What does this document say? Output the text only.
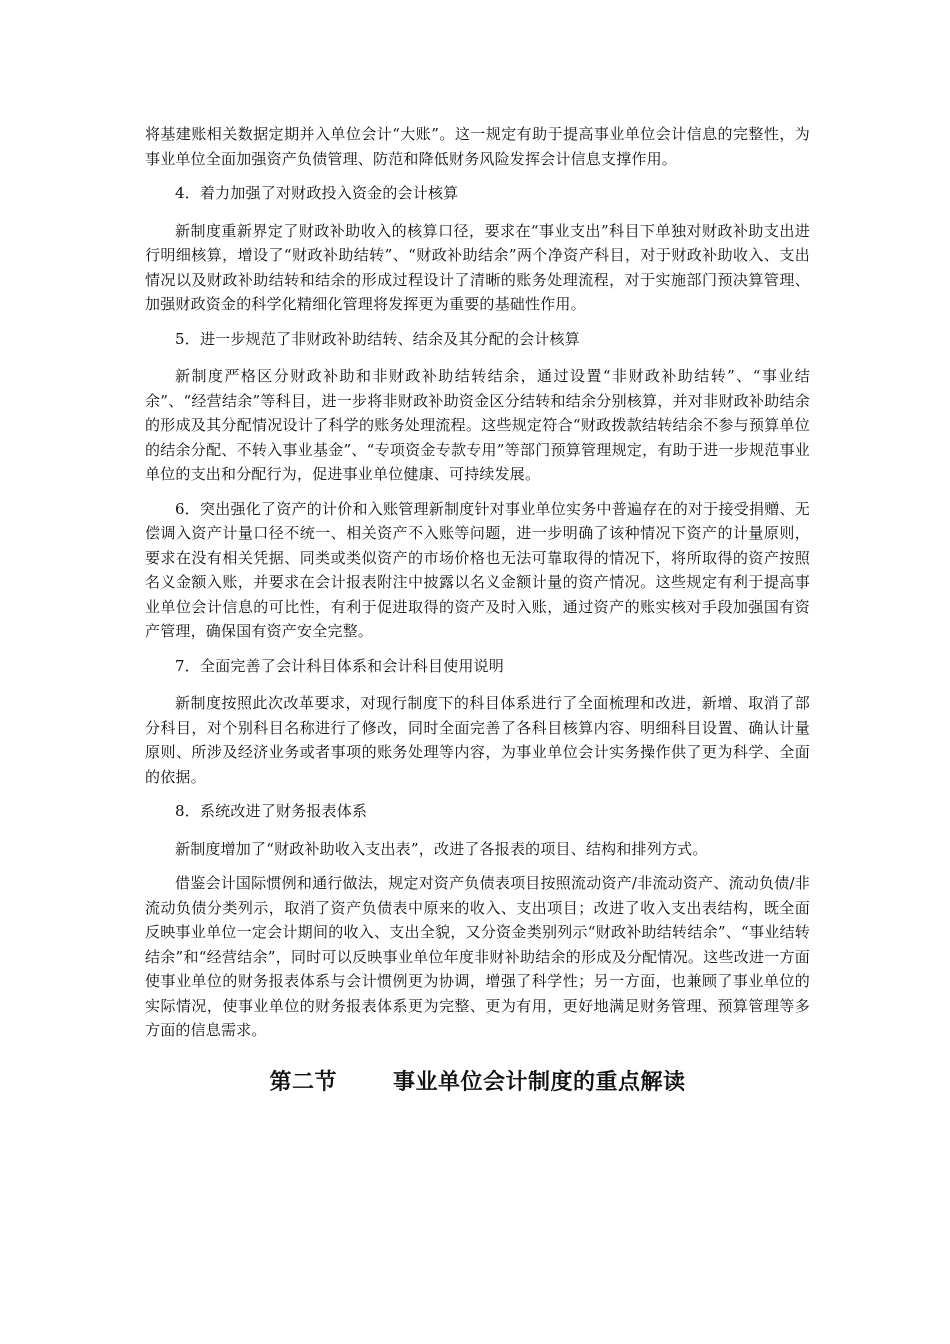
将基建账相关数据定期并入单位会计“大账”。这一规定有助于提高事业单位会计信息的完整性，为事业单位全面加强资产负债管理、防范和降低财务风险发挥会计信息支撑作用。

4．着力加强了对财政投入资金的会计核算

新制度重新界定了财政补助收入的核算口径，要求在“事业支出”科目下单独对财政补助支出进行明细核算，增设了“财政补助结转”、“财政补助结余”两个净资产科目，对于财政补助收入、支出情况以及财政补助结转和结余的形成过程设计了清晰的账务处理流程，对于实施部门预决算管理、加强财政资金的科学化精细化管理将发挥更为重要的基础性作用。

5．进一步规范了非财政补助结转、结余及其分配的会计核算

新制度严格区分财政补助和非财政补助结转结余，通过设置“非财政补助结转”、“事业结余”、“经营结余”等科目，进一步将非财政补助资金区分结转和结余分别核算，并对非财政补助结余的形成及其分配情况设计了科学的账务处理流程。这些规定符合“财政拨款结转结余不参与预算单位的结余分配、不转入事业基金”、“专项资金专款专用”等部门预算管理规定，有助于进一步规范事业单位的支出和分配行为，促进事业单位健康、可持续发展。

6．突出强化了资产的计价和入账管理新制度针对事业单位实务中普遍存在的对于接受捐赠、无偿调入资产计量口径不统一、相关资产不入账等问题，进一步明确了该种情况下资产的计量原则，要求在没有相关凭据、同类或类似资产的市场价格也无法可靠取得的情况下，将所取得的资产按照名义金额入账，并要求在会计报表附注中披露以名义金额计量的资产情况。这些规定有利于提高事业单位会计信息的可比性，有利于促进取得的资产及时入账，通过资产的账实核对手段加强国有资产管理，确保国有资产安全完整。

7．全面完善了会计科目体系和会计科目使用说明

新制度按照此次改革要求，对现行制度下的科目体系进行了全面梳理和改进，新增、取消了部分科目，对个别科目名称进行了修改，同时全面完善了各科目核算内容、明细科目设置、确认计量原则、所涉及经济业务或者事项的账务处理等内容，为事业单位会计实务操作供了更为科学、全面的依据。

8．系统改进了财务报表体系

新制度增加了“财政补助收入支出表”，改进了各报表的项目、结构和排列方式。

借鉴会计国际惯例和通行做法，规定对资产负债表项目按照流动资产/非流动资产、流动负债/非流动负债分类列示，取消了资产负债表中原来的收入、支出项目；改进了收入支出表结构，既全面反映事业单位一定会计期间的收入、支出全貌，又分资金类别列示“财政补助结转结余”、“事业结转结余”和“经营结余”，同时可以反映事业单位年度非财补助结余的形成及分配情况。这些改进一方面使事业单位的财务报表体系与会计惯例更为协调，增强了科学性；另一方面，也兼顾了事业单位的实际情况，使事业单位的财务报表体系更为完整、更为有用，更好地满足财务管理、预算管理等多方面的信息需求。

第二节	事业单位会计制度的重点解读
